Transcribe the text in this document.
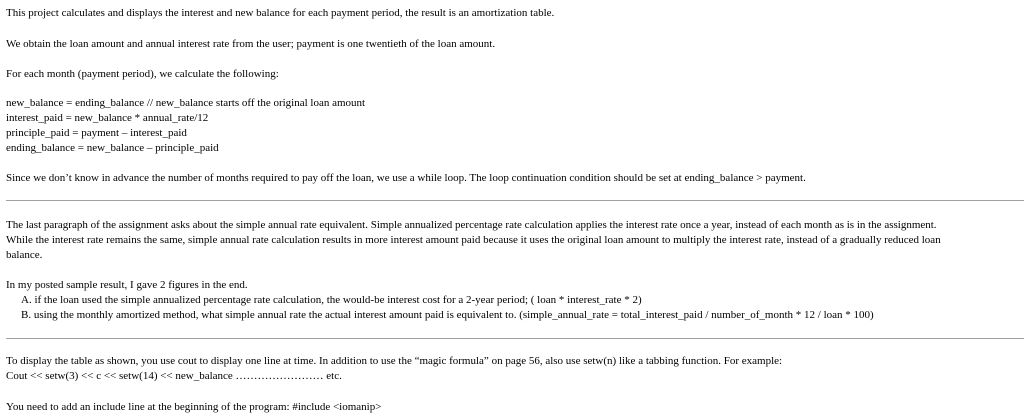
This project calculates and displays the interest and new balance for each payment period, the result is an amortization table.
We obtain the loan amount and annual interest rate from the user; payment is one twentieth of the loan amount.
For each month (payment period), we calculate the following:
new_balance = ending_balance // new_balance starts off the original loan amount
interest_paid = new_balance * annual_rate/12
principle_paid = payment – interest_paid
ending_balance = new_balance – principle_paid
Since we don’t know in advance the number of months required to pay off the loan, we use a while loop. The loop continuation condition should be set at ending_balance > payment.
The last paragraph of the assignment asks about the simple annual rate equivalent. Simple annualized percentage rate calculation applies the interest rate once a year, instead of each month as is in the assignment.
While the interest rate remains the same, simple annual rate calculation results in more interest amount paid because it uses the original loan amount to multiply the interest rate, instead of a gradually reduced loan
balance.
In my posted sample result, I gave 2 figures in the end.
A. if the loan used the simple annualized percentage rate calculation, the would-be interest cost for a 2-year period; ( loan * interest_rate * 2)
B. using the monthly amortized method, what simple annual rate the actual interest amount paid is equivalent to. (simple_annual_rate = total_interest_paid / number_of_month * 12 / loan * 100)
To display the table as shown, you use cout to display one line at time. In addition to use the “magic formula” on page 56, also use setw(n) like a tabbing function. For example:
Cout << setw(3) << c << setw(14) << new_balance …………………… etc.
You need to add an include line at the beginning of the program: #include <iomanip>
